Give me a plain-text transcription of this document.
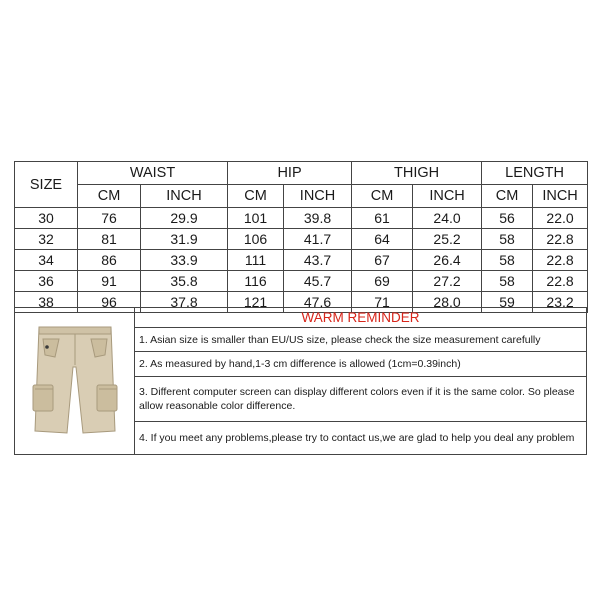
SIZE	WAIST		HIP		THIGH		LENGTH	
	CM	INCH	CM	INCH	CM	INCH	CM	INCH
30	76	29.9	101	39.8	61	24.0	56	22.0
32	81	31.9	106	41.7	64	25.2	58	22.8
34	86	33.9	111	43.7	67	26.4	58	22.8
36	91	35.8	116	45.7	69	27.2	58	22.8
38	96	37.8	121	47.6	71	28.0	59	23.2
	WARM REMINDER
1. Asian size is smaller than EU/US size, please check the size measurement carefully
2. As measured by hand,1-3 cm difference is allowed (1cm=0.39inch)
3. Different computer screen can display different colors even if it is the same color. So please allow reasonable color difference.
4. If you meet any problems,please try to contact us,we are glad to help you deal any problem
